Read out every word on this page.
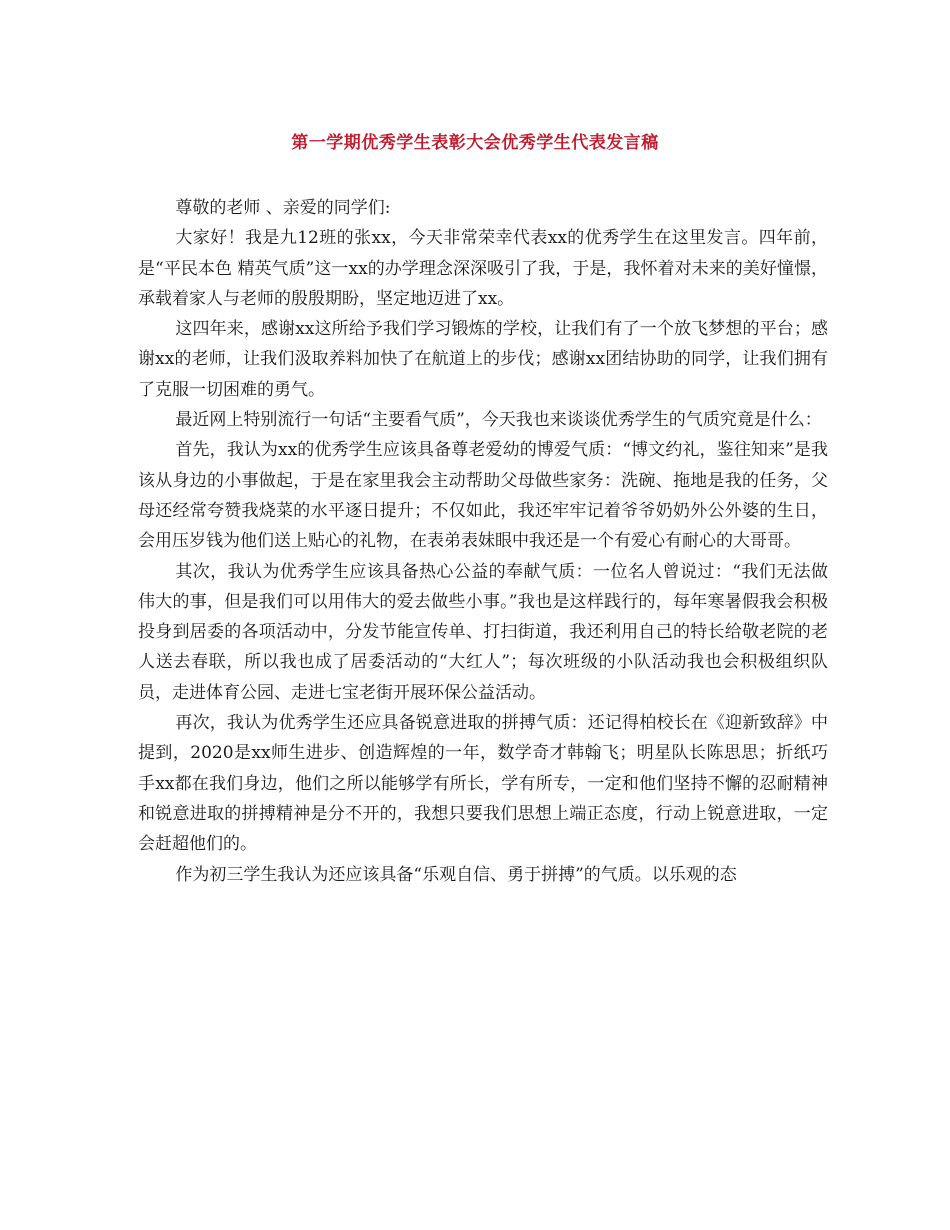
第一学期优秀学生表彰大会优秀学生代表发言稿

尊敬的老师 、亲爱的同学们:

大家好！我是九12班的张xx，今天非常荣幸代表xx的优秀学生在这里发言。四年前，是“平民本色 精英气质”这一xx的办学理念深深吸引了我，于是，我怀着对未来的美好憧憬，承载着家人与老师的殷殷期盼，坚定地迈进了xx。

这四年来，感谢xx这所给予我们学习锻炼的学校，让我们有了一个放飞梦想的平台；感谢xx的老师，让我们汲取养料加快了在航道上的步伐；感谢xx团结协助的同学，让我们拥有了克服一切困难的勇气。

最近网上特别流行一句话“主要看气质”，今天我也来谈谈优秀学生的气质究竟是什么：

首先，我认为xx的优秀学生应该具备尊老爱幼的博爱气质：“博文约礼，鉴往知来”是我 该从身边的小事做起，于是在家里我会主动帮助父母做些家务：洗碗、拖地是我的任务，父母还经常夸赞我烧菜的水平逐日提升；不仅如此，我还牢牢记着爷爷奶奶外公外婆的生日，会用压岁钱为他们送上贴心的礼物，在表弟表妹眼中我还是一个有爱心有耐心的大哥哥。

其次，我认为优秀学生应该具备热心公益的奉献气质：一位名人曾说过：“我们无法做伟大的事，但是我们可以用伟大的爱去做些小事。”我也是这样践行的，每年寒暑假我会积极投身到居委的各项活动中，分发节能宣传单、打扫街道，我还利用自己的特长给敬老院的老人送去春联，所以我也成了居委活动的“大红人”；每次班级的小队活动我也会积极组织队员，走进体育公园、走进七宝老街开展环保公益活动。

再次，我认为优秀学生还应具备锐意进取的拼搏气质：还记得柏校长在《迎新致辞》中提到，2020是xx师生进步、创造辉煌的一年，数学奇才韩翰飞；明星队长陈思思；折纸巧手xx都在我们身边，他们之所以能够学有所长，学有所专，一定和他们坚持不懈的忍耐精神和锐意进取的拼搏精神是分不开的，我想只要我们思想上端正态度，行动上锐意进取，一定会赶超他们的。

作为初三学生我认为还应该具备“乐观自信、勇于拼搏”的气质。以乐观的态
